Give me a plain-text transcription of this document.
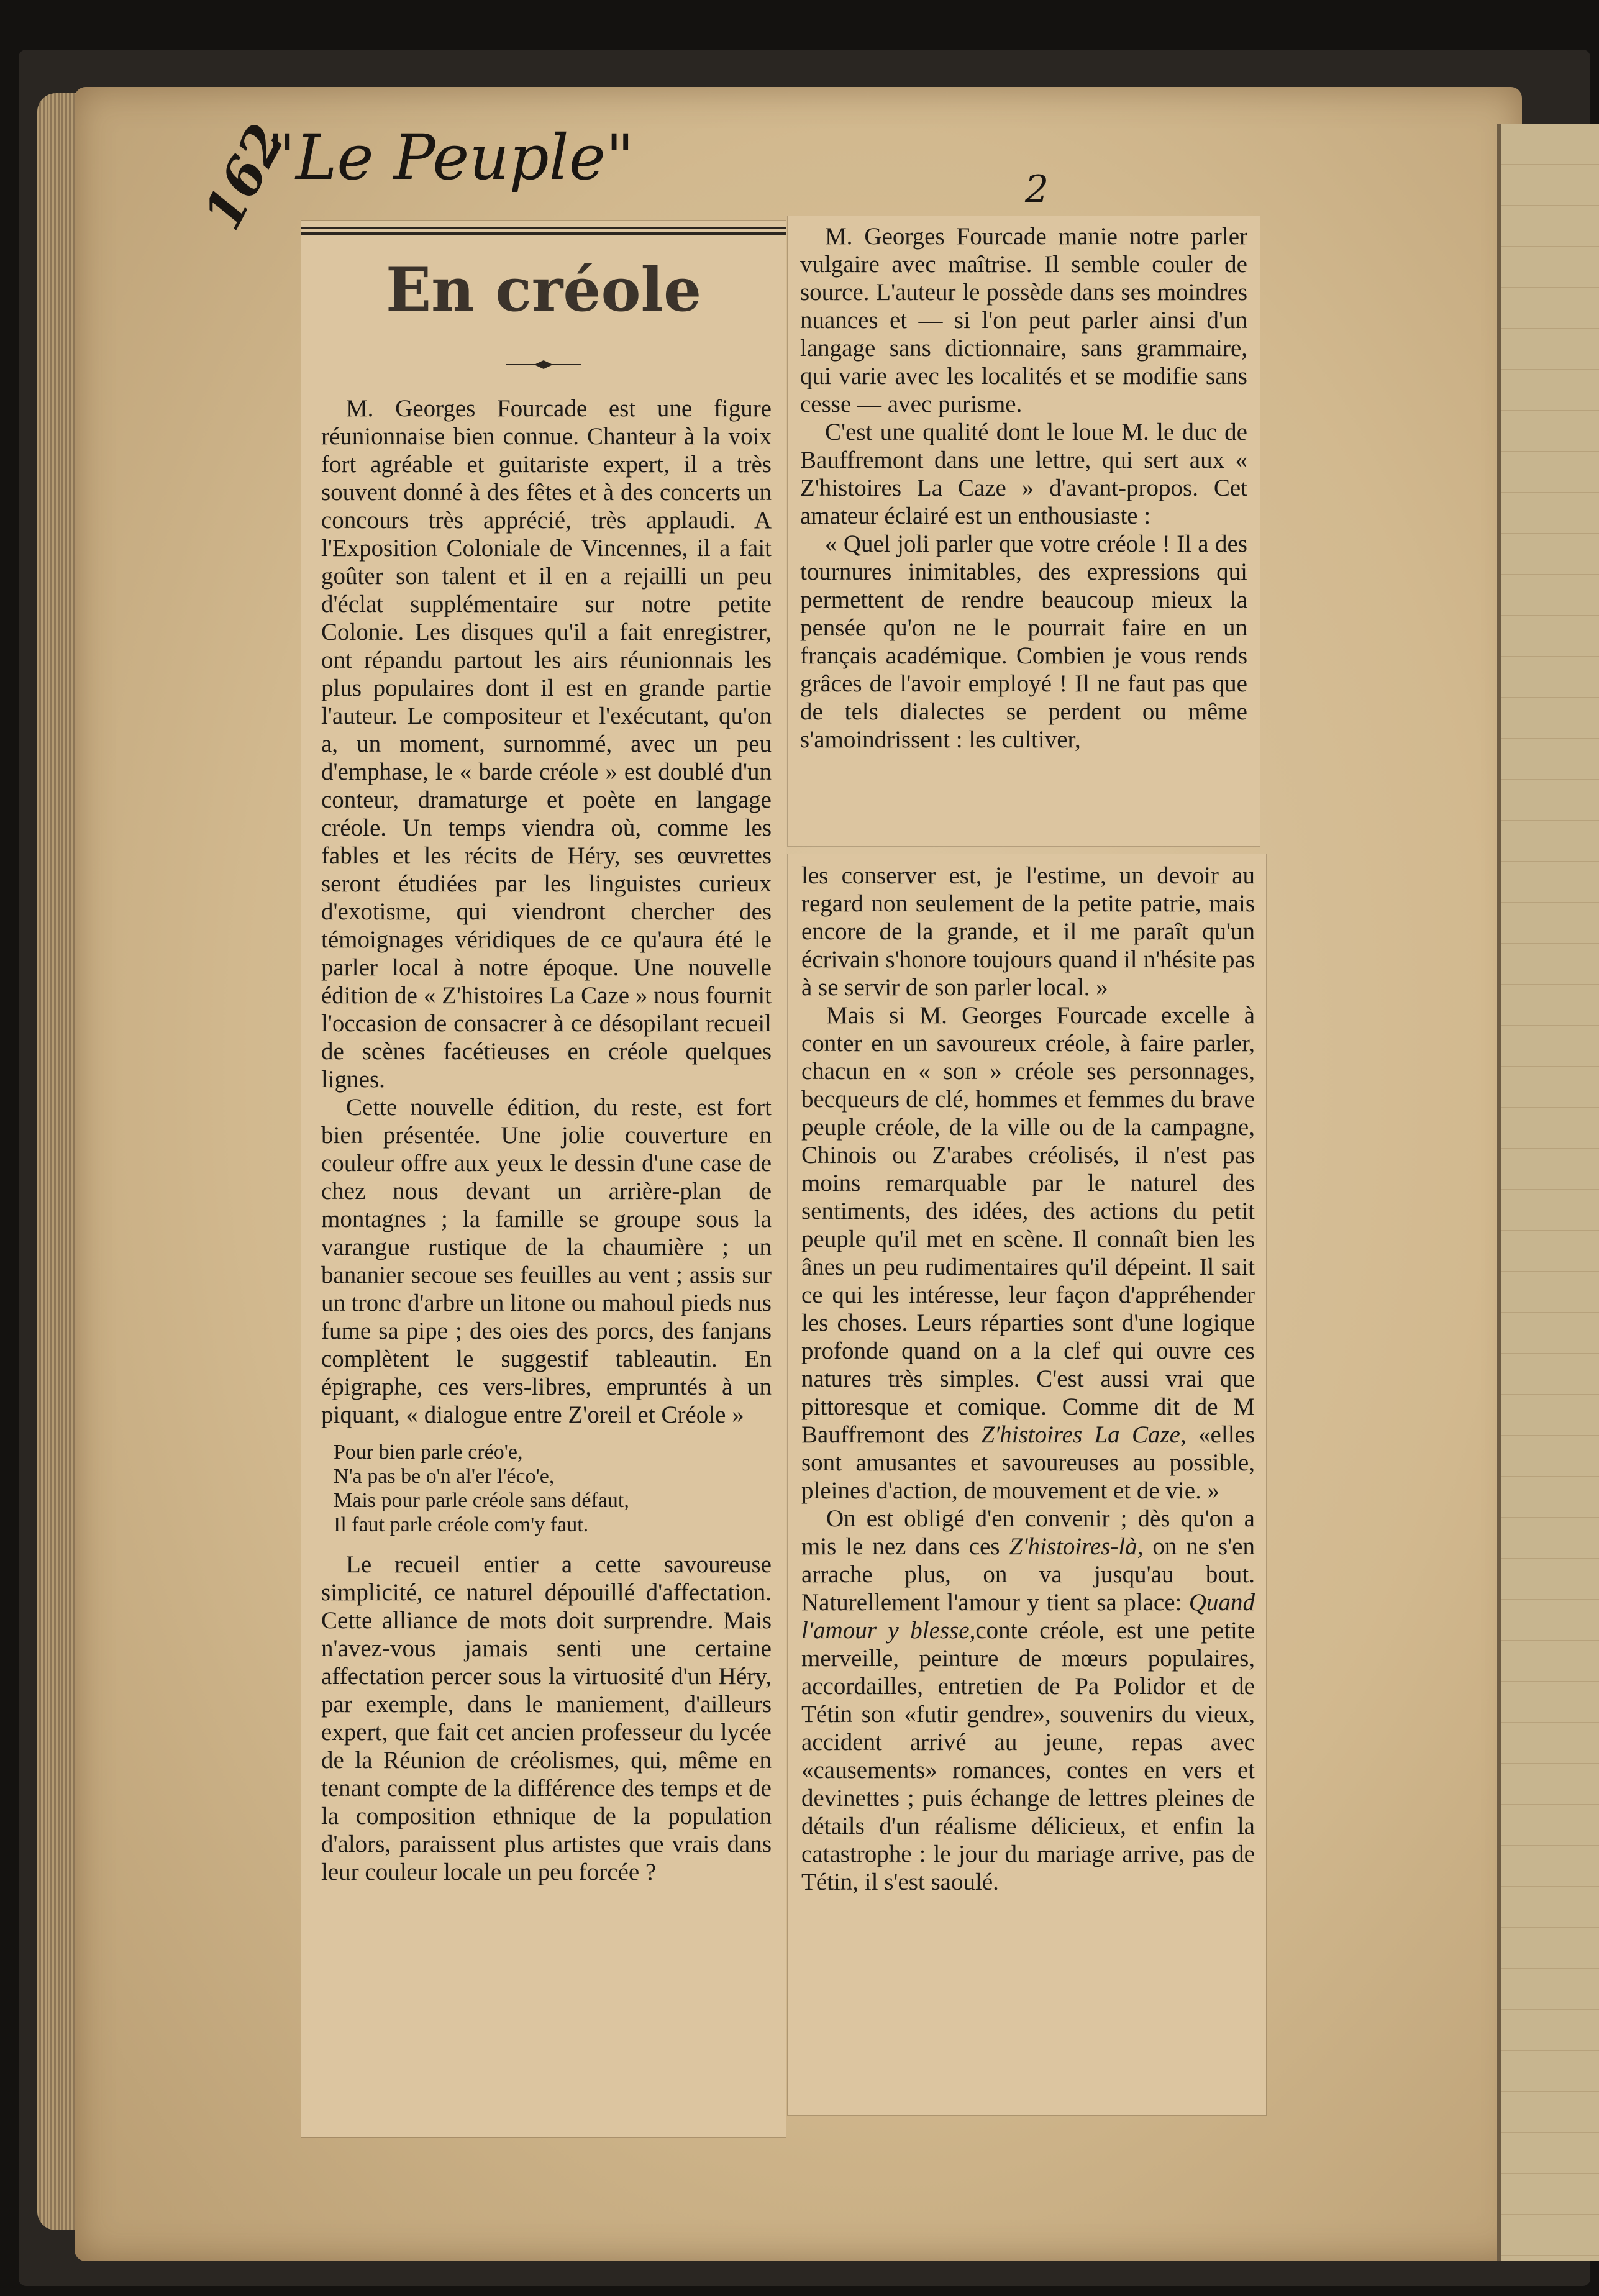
162
"Le Peuple"	2
En créole

M. Georges Fourcade est une figure réunionnaise bien connue. Chanteur à la voix fort agréable et guitariste expert, il a très souvent donné à des fêtes et à des concerts un concours très apprécié, très applaudi. A l'Exposition Coloniale de Vincennes, il a fait goûter son talent et il en a rejailli un peu d'éclat supplémentaire sur notre petite Colonie. Les disques qu'il a fait enregistrer, ont répandu partout les airs réunionnais les plus populaires dont il est en grande partie l'auteur. Le compositeur et l'exécutant, qu'on a, un moment, surnommé, avec un peu d'emphase, le « barde créole » est doublé d'un conteur, dramaturge et poète en langage créole. Un temps viendra où, comme les fables et les récits de Héry, ses œuvrettes seront étudiées par les linguistes curieux d'exotisme, qui viendront chercher des témoignages véridiques de ce qu'aura été le parler local à notre époque. Une nouvelle édition de « Z'histoires La Caze » nous fournit l'occasion de consacrer à ce désopilant recueil de scènes facétieuses en créole quelques lignes.

Cette nouvelle édition, du reste, est fort bien présentée. Une jolie couverture en couleur offre aux yeux le dessin d'une case de chez nous devant un arrière-plan de montagnes ; la famille se groupe sous la varangue rustique de la chaumière ; un bananier secoue ses feuilles au vent ; assis sur un tronc d'arbre un litone ou mahoul pieds nus fume sa pipe ; des oies des porcs, des fanjans complètent le suggestif tableautin. En épigraphe, ces vers-libres, empruntés à un piquant, « dialogue entre Z'oreil et Créole »

Pour bien parle créo'e,
N'a pas be o'n al'er l'éco'e,
Mais pour parle créole sans défaut,
Il faut parle créole com'y faut.

Le recueil entier a cette savoureuse simplicité, ce naturel dépouillé d'affectation. Cette alliance de mots doit surprendre. Mais n'avez-vous jamais senti une certaine affectation percer sous la virtuosité d'un Héry, par exemple, dans le maniement, d'ailleurs expert, que fait cet ancien professeur du lycée de la Réunion de créolismes, qui, même en tenant compte de la différence des temps et de la composition ethnique de la population d'alors, paraissent plus artistes que vrais dans leur couleur locale un peu forcée ?

M. Georges Fourcade manie notre parler vulgaire avec maîtrise. Il semble couler de source. L'auteur le possède dans ses moindres nuances et — si l'on peut parler ainsi d'un langage sans dictionnaire, sans grammaire, qui varie avec les localités et se modifie sans cesse — avec purisme.

C'est une qualité dont le loue M. le duc de Bauffremont dans une lettre, qui sert aux « Z'histoires La Caze » d'avant-propos. Cet amateur éclairé est un enthousiaste :

« Quel joli parler que votre créole ! Il a des tournures inimitables, des expressions qui permettent de rendre beaucoup mieux la pensée qu'on ne le pourrait faire en un français académique. Combien je vous rends grâces de l'avoir employé ! Il ne faut pas que de tels dialectes se perdent ou même s'amoindrissent : les cultiver,

les conserver est, je l'estime, un devoir au regard non seulement de la petite patrie, mais encore de la grande, et il me paraît qu'un écrivain s'honore toujours quand il n'hésite pas à se servir de son parler local. »

Mais si M. Georges Fourcade excelle à conter en un savoureux créole, à faire parler, chacun en « son » créole ses personnages, becqueurs de clé, hommes et femmes du brave peuple créole, de la ville ou de la campagne, Chinois ou Z'arabes créolisés, il n'est pas moins remarquable par le naturel des sentiments, des idées, des actions du petit peuple qu'il met en scène. Il connaît bien les ânes un peu rudimentaires qu'il dépeint. Il sait ce qui les intéresse, leur façon d'appréhender les choses. Leurs réparties sont d'une logique profonde quand on a la clef qui ouvre ces natures très simples. C'est aussi vrai que pittoresque et comique. Comme dit de M Bauffremont des Z'histoires La Caze, «elles sont amusantes et savoureuses au possible, pleines d'action, de mouvement et de vie. »

On est obligé d'en convenir ; dès qu'on a mis le nez dans ces Z'histoires-là, on ne s'en arrache plus, on va jusqu'au bout. Naturellement l'amour y tient sa place: Quand l'amour y blesse,conte créole, est une petite merveille, peinture de mœurs populaires, accordailles, entretien de Pa Polidor et de Tétin son «futir gendre», souvenirs du vieux, accident arrivé au jeune, repas avec «causements» romances, contes en vers et devinettes ; puis échange de lettres pleines de détails d'un réalisme délicieux, et enfin la catastrophe : le jour du mariage arrive, pas de Tétin, il s'est saoulé.
